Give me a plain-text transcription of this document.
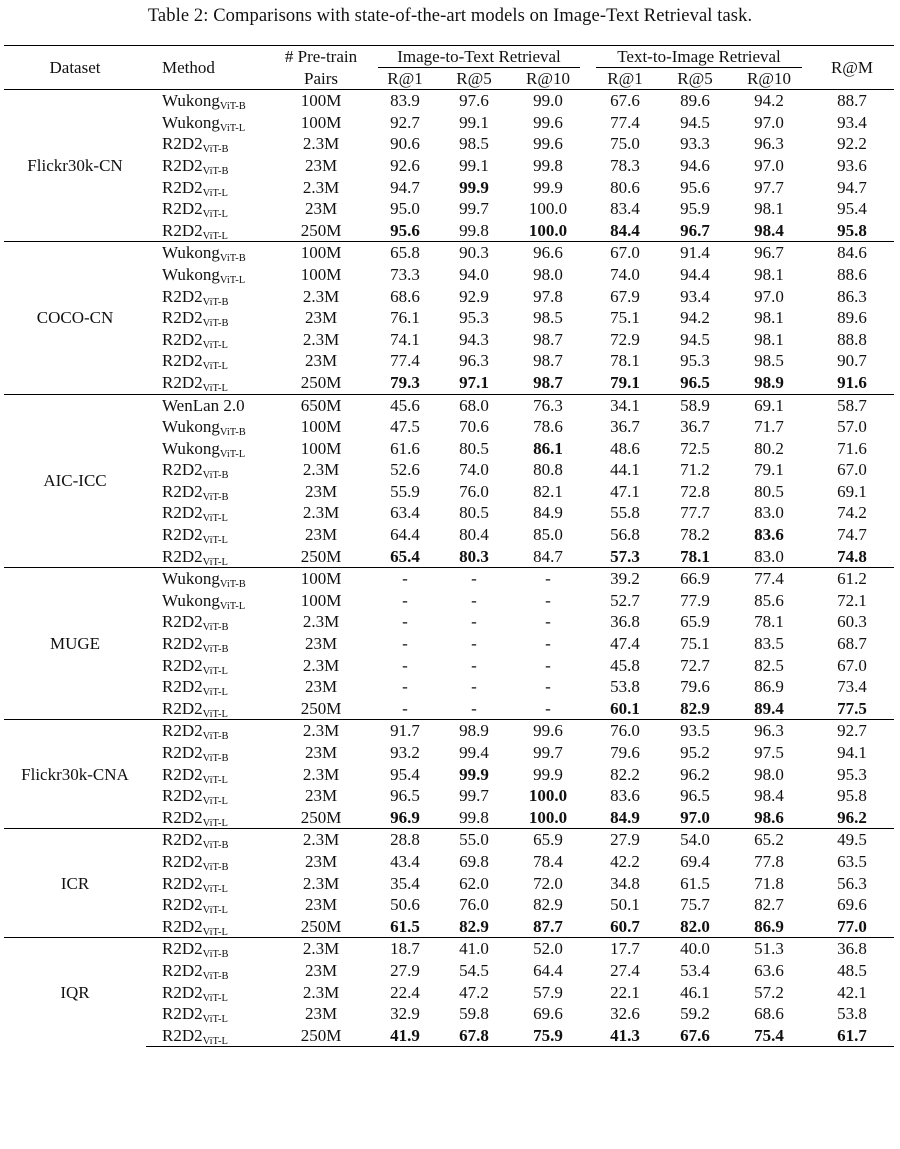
Table 2: Comparisons with state-of-the-art models on Image-Text Retrieval task.
Dataset	Method	# Pre-train	Image-to-Text Retrieval			Text-to-Image Retrieval			R@M
		Pairs	R@1	R@5	R@10	R@1	R@5	R@10	
Flickr30k-CN	Wukong$_{ViT-B}$	100M	83.9	97.6	99.0	67.6	89.6	94.2	88.7
	Wukong$_{ViT-L}$	100M	92.7	99.1	99.6	77.4	94.5	97.0	93.4
	$R2D2_{ViT-B}$	2.3M	90.6	98.5	99.6	75.0	93.3	96.3	92.2
	$R2D2_{ViT-B}$	23M	92.6	99.1	99.8	78.3	94.6	97.0	93.6
	$R2D2_{ViT-L}$	2.3M	94.7	99.9	99.9	80.6	95.6	97.7	94.7
	$R2D2_{ViT-L}$	23M	95.0	99.7	100.0	83.4	95.9	98.1	95.4
	$R2D2_{ViT-L}$	250M	95.6	99.8	100.0	84.4	96.7	98.4	95.8
COCO-CN	Wukong$_{ViT-B}$	100M	65.8	90.3	96.6	67.0	91.4	96.7	84.6
	Wukong$_{ViT-L}$	100M	73.3	94.0	98.0	74.0	94.4	98.1	88.6
	$R2D2_{ViT-B}$	2.3M	68.6	92.9	97.8	67.9	93.4	97.0	86.3
	$R2D2_{ViT-B}$	23M	76.1	95.3	98.5	75.1	94.2	98.1	89.6
	$R2D2_{ViT-L}$	2.3M	74.1	94.3	98.7	72.9	94.5	98.1	88.8
	$R2D2_{ViT-L}$	23M	77.4	96.3	98.7	78.1	95.3	98.5	90.7
	$R2D2_{ViT-L}$	250M	79.3	97.1	98.7	79.1	96.5	98.9	91.6
AIC-ICC	WenLan 2.0	650M	45.6	68.0	76.3	34.1	58.9	69.1	58.7
	Wukong$_{ViT-B}$	100M	47.5	70.6	78.6	36.7	36.7	71.7	57.0
	Wukong$_{ViT-L}$	100M	61.6	80.5	86.1	48.6	72.5	80.2	71.6
	$R2D2_{ViT-B}$	2.3M	52.6	74.0	80.8	44.1	71.2	79.1	67.0
	$R2D2_{ViT-B}$	23M	55.9	76.0	82.1	47.1	72.8	80.5	69.1
	$R2D2_{ViT-L}$	2.3M	63.4	80.5	84.9	55.8	77.7	83.0	74.2
	$R2D2_{ViT-L}$	23M	64.4	80.4	85.0	56.8	78.2	83.6	74.7
	$R2D2_{ViT-L}$	250M	65.4	80.3	84.7	57.3	78.1	83.0	74.8
MUGE	Wukong$_{ViT-B}$	100M	-	-	-	39.2	66.9	77.4	61.2
	Wukong$_{ViT-L}$	100M	-	-	-	52.7	77.9	85.6	72.1
	$R2D2_{ViT-B}$	2.3M	-	-	-	36.8	65.9	78.1	60.3
	$R2D2_{ViT-B}$	23M	-	-	-	47.4	75.1	83.5	68.7
	$R2D2_{ViT-L}$	2.3M	-	-	-	45.8	72.7	82.5	67.0
	$R2D2_{ViT-L}$	23M	-	-	-	53.8	79.6	86.9	73.4
	$R2D2_{ViT-L}$	250M	-	-	-	60.1	82.9	89.4	77.5
Flickr30k-CNA	$R2D2_{ViT-B}$	2.3M	91.7	98.9	99.6	76.0	93.5	96.3	92.7
	$R2D2_{ViT-B}$	23M	93.2	99.4	99.7	79.6	95.2	97.5	94.1
	$R2D2_{ViT-L}$	2.3M	95.4	99.9	99.9	82.2	96.2	98.0	95.3
	$R2D2_{ViT-L}$	23M	96.5	99.7	100.0	83.6	96.5	98.4	95.8
	$R2D2_{ViT-L}$	250M	96.9	99.8	100.0	84.9	97.0	98.6	96.2
ICR	$R2D2_{ViT-B}$	2.3M	28.8	55.0	65.9	27.9	54.0	65.2	49.5
	$R2D2_{ViT-B}$	23M	43.4	69.8	78.4	42.2	69.4	77.8	63.5
	$R2D2_{ViT-L}$	2.3M	35.4	62.0	72.0	34.8	61.5	71.8	56.3
	$R2D2_{ViT-L}$	23M	50.6	76.0	82.9	50.1	75.7	82.7	69.6
	$R2D2_{ViT-L}$	250M	61.5	82.9	87.7	60.7	82.0	86.9	77.0
IQR	$R2D2_{ViT-B}$	2.3M	18.7	41.0	52.0	17.7	40.0	51.3	36.8
	$R2D2_{ViT-B}$	23M	27.9	54.5	64.4	27.4	53.4	63.6	48.5
	$R2D2_{ViT-L}$	2.3M	22.4	47.2	57.9	22.1	46.1	57.2	42.1
	$R2D2_{ViT-L}$	23M	32.9	59.8	69.6	32.6	59.2	68.6	53.8
	$R2D2_{ViT-L}$	250M	41.9	67.8	75.9	41.3	67.6	75.4	61.7
